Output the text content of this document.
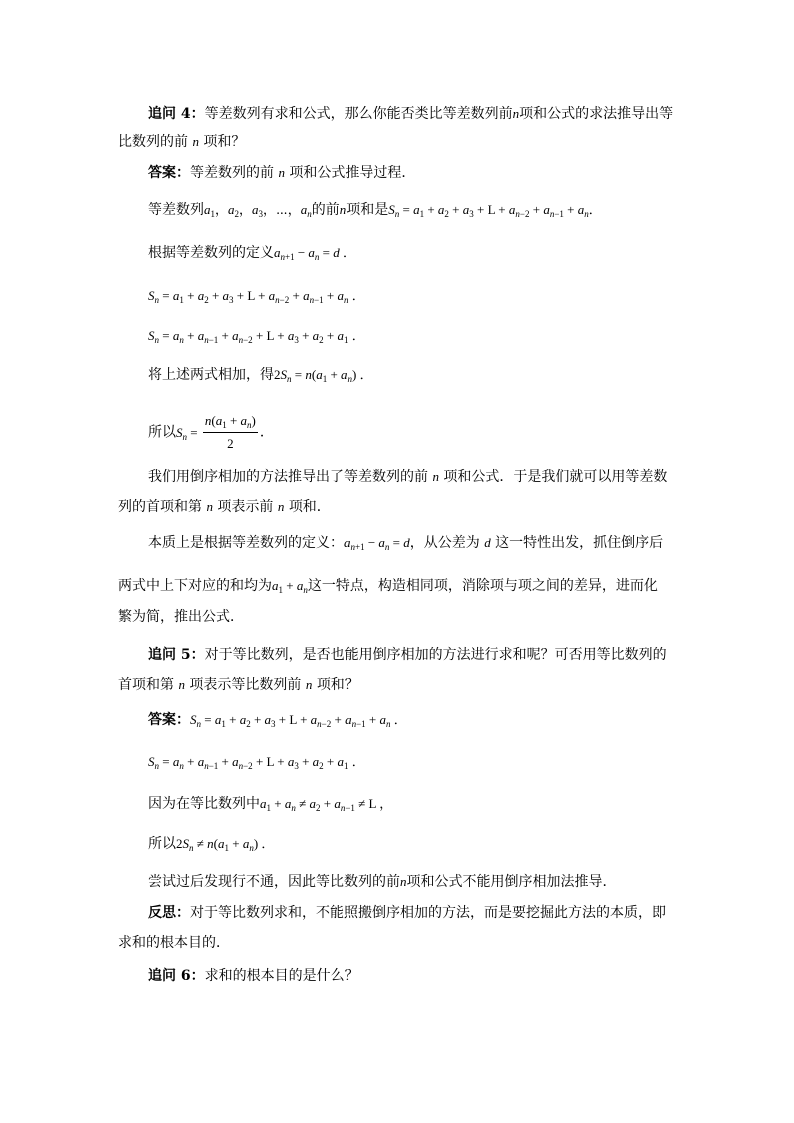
追问 4：等差数列有求和公式，那么你能否类比等差数列前n项和公式的求法推导出等
比数列的前 n 项和？
答案：等差数列的前 n 项和公式推导过程．
等差数列$a_1$，$a_2$，$a_3$，⋯，$a_n$的前n项和是$S_n = a_1 + a_2 + a_3 + L + a_{n-2} + a_{n-1} + a_n$．
根据等差数列的定义$a_{n+1} - a_n = d$ ．
$S_n = a_1 + a_2 + a_3 + L + a_{n-2} + a_{n-1} + a_n$ ．
$S_n = a_n + a_{n-1} + a_{n-2} + L + a_3 + a_2 + a_1$ ．
将上述两式相加，得$2S_n = n(a_1 + a_n)$ ．
所以$S_n = \frac{n(a_1 + a_n)}{2}$ ．
我们用倒序相加的方法推导出了等差数列的前 n 项和公式．于是我们就可以用等差数
列的首项和第 n 项表示前 n 项和．
本质上是根据等差数列的定义：$a_{n+1} - a_n = d$，从公差为 d 这一特性出发，抓住倒序后
两式中上下对应的和均为$a_1 + a_n$这一特点，构造相同项，消除项与项之间的差异，进而化
繁为简，推出公式．
追问 5：对于等比数列，是否也能用倒序相加的方法进行求和呢？可否用等比数列的
首项和第 n 项表示等比数列前 n 项和？
答案：$S_n = a_1 + a_2 + a_3 + L + a_{n-2} + a_{n-1} + a_n$ ．
$S_n = a_n + a_{n-1} + a_{n-2} + L + a_3 + a_2 + a_1$ ．
因为在等比数列中$a_1 + a_n \ne a_2 + a_{n-1} \ne L$ ，
所以$2S_n \ne n(a_1 + a_n)$ ．
尝试过后发现行不通，因此等比数列的前n项和公式不能用倒序相加法推导．
反思：对于等比数列求和，不能照搬倒序相加的方法，而是要挖掘此方法的本质，即
求和的根本目的．
追问 6：求和的根本目的是什么？
